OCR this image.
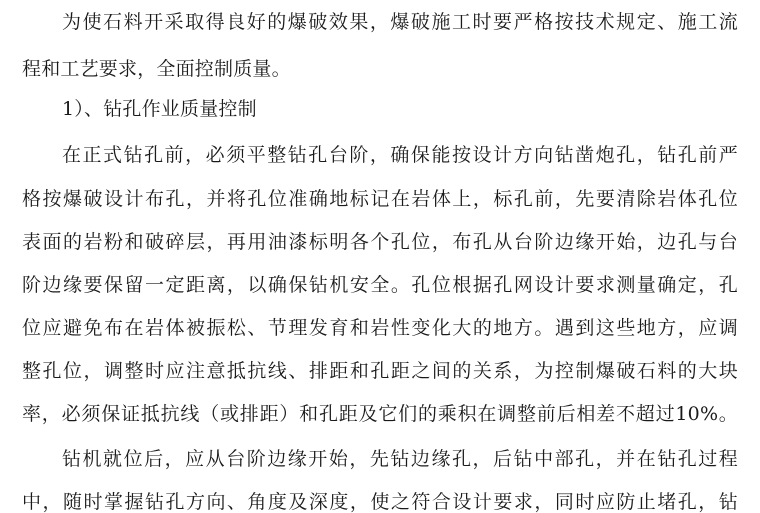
为使石料开采取得良好的爆破效果，爆破施工时要严格按技术规定、施工流
程和工艺要求，全面控制质量。
1）、钻孔作业质量控制
在正式钻孔前，必须平整钻孔台阶，确保能按设计方向钻凿炮孔，钻孔前严
格按爆破设计布孔，并将孔位准确地标记在岩体上，标孔前，先要清除岩体孔位
表面的岩粉和破碎层，再用油漆标明各个孔位，布孔从台阶边缘开始，边孔与台
阶边缘要保留一定距离，以确保钻机安全。孔位根据孔网设计要求测量确定，孔
位应避免布在岩体被振松、节理发育和岩性变化大的地方。遇到这些地方，应调
整孔位，调整时应注意抵抗线、排距和孔距之间的关系，为控制爆破石料的大块
率，必须保证抵抗线（或排距）和孔距及它们的乘积在调整前后相差不超过10%。
钻机就位后，应从台阶边缘开始，先钻边缘孔，后钻中部孔，并在钻孔过程
中，随时掌握钻孔方向、角度及深度，使之符合设计要求，同时应防止堵孔，钻
